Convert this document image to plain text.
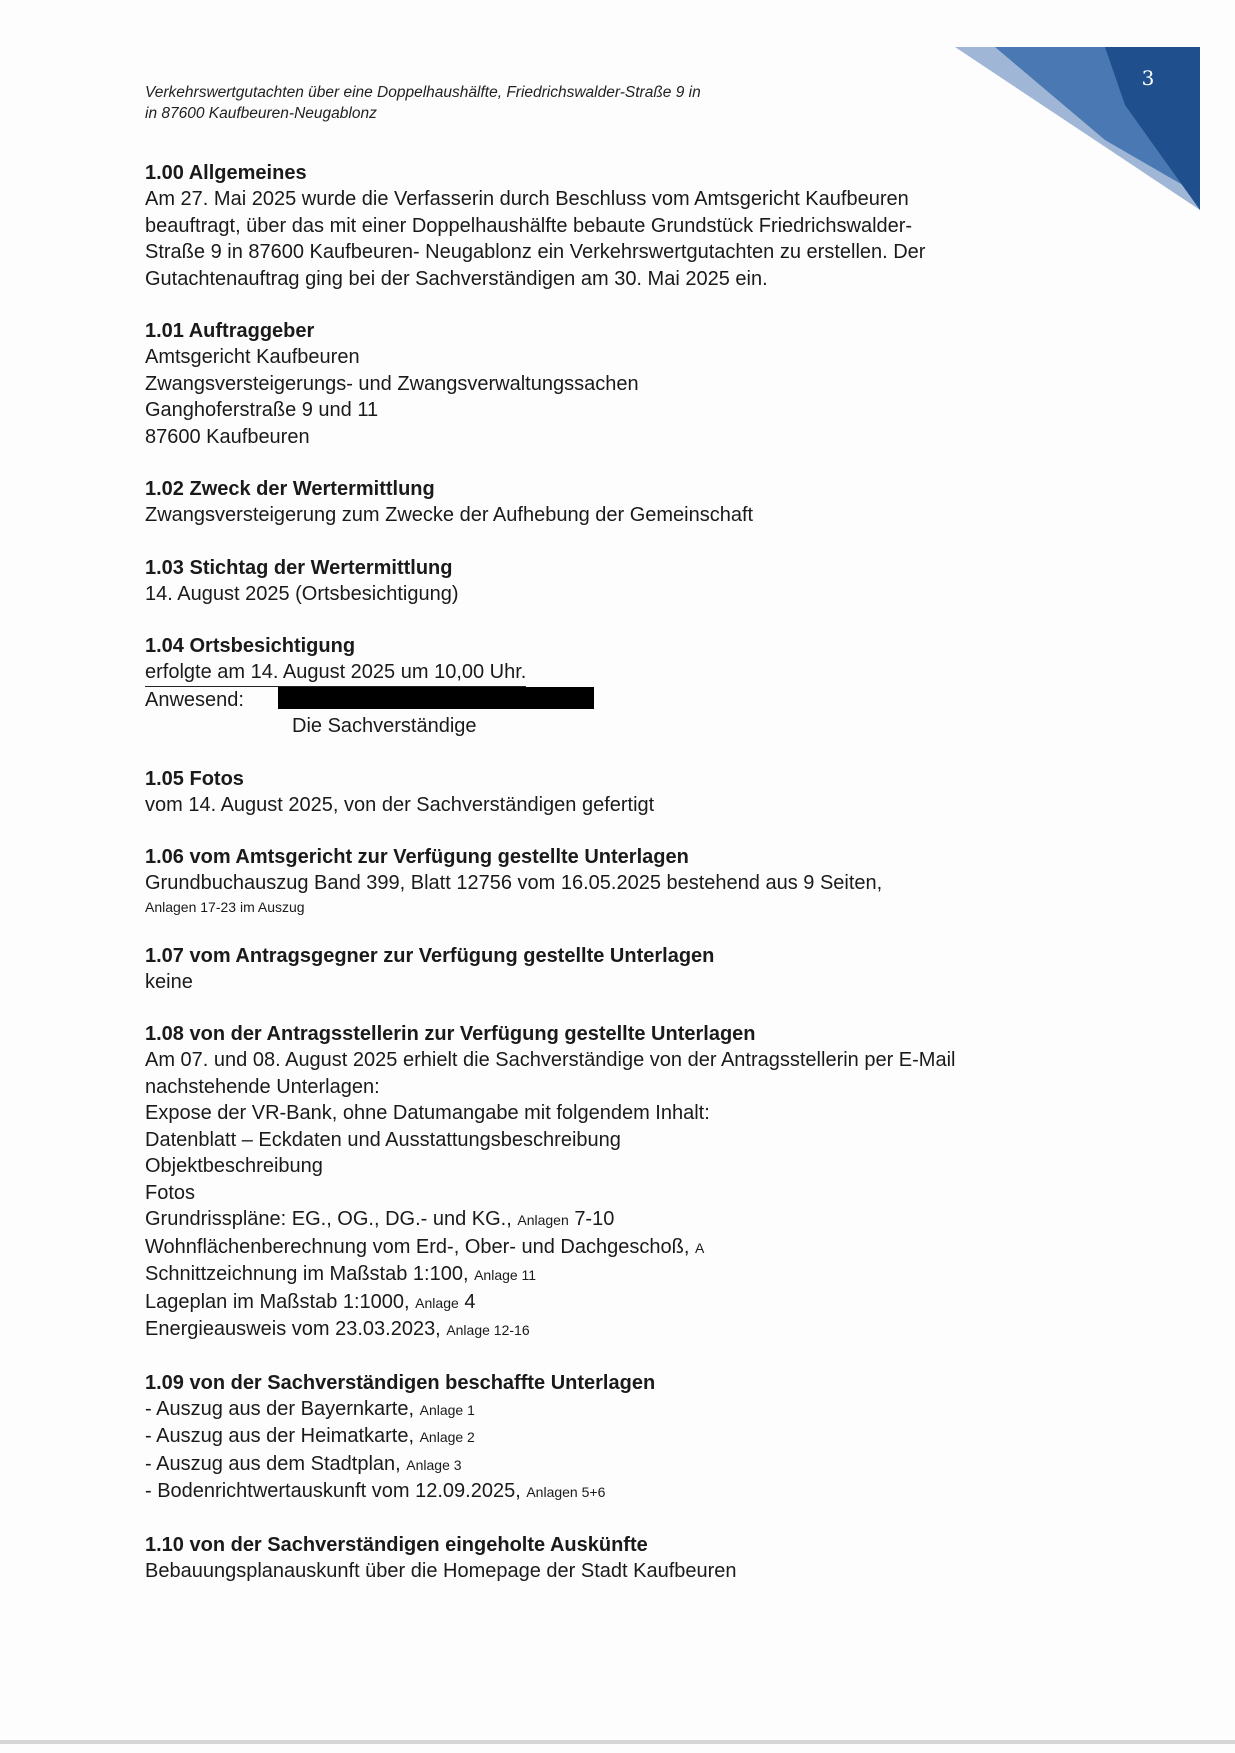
Verkehrswertgutachten über eine Doppelhaushälfte, Friedrichswalder-Straße 9 in
in 87600 Kaufbeuren-Neugablonz
3
1.00 Allgemeines
Am 27. Mai 2025 wurde die Verfasserin durch Beschluss vom Amtsgericht Kaufbeuren
beauftragt, über das mit einer Doppelhaushälfte bebaute Grundstück Friedrichswalder-
Straße 9 in 87600 Kaufbeuren- Neugablonz ein Verkehrswertgutachten zu erstellen. Der
Gutachtenauftrag ging bei der Sachverständigen am 30. Mai 2025 ein.
1.01 Auftraggeber
Amtsgericht Kaufbeuren
Zwangsversteigerungs- und Zwangsverwaltungssachen
Ganghoferstraße 9 und 11
87600 Kaufbeuren
1.02 Zweck der Wertermittlung
Zwangsversteigerung zum Zwecke der Aufhebung der Gemeinschaft
1.03 Stichtag der Wertermittlung
14. August 2025 (Ortsbesichtigung)
1.04 Ortsbesichtigung
erfolgte am 14. August 2025 um 10,00 Uhr.
Anwesend:
Die Sachverständige
1.05 Fotos
vom 14. August 2025, von der Sachverständigen gefertigt
1.06 vom Amtsgericht zur Verfügung gestellte Unterlagen
Grundbuchauszug Band 399, Blatt 12756 vom 16.05.2025 bestehend aus 9 Seiten,
Anlagen 17-23 im Auszug
1.07 vom Antragsgegner zur Verfügung gestellte Unterlagen
keine
1.08 von der Antragsstellerin zur Verfügung gestellte Unterlagen
Am 07. und 08. August 2025 erhielt die Sachverständige von der Antragsstellerin per E-Mail
nachstehende Unterlagen:
Expose der VR-Bank, ohne Datumangabe mit folgendem Inhalt:
Datenblatt – Eckdaten und Ausstattungsbeschreibung
Objektbeschreibung
Fotos
Grundrisspläne: EG., OG., DG.- und KG., Anlagen 7-10
Wohnflächenberechnung vom Erd-, Ober- und Dachgeschoß, A
Schnittzeichnung im Maßstab 1:100, Anlage 11
Lageplan im Maßstab 1:1000, Anlage 4
Energieausweis vom 23.03.2023, Anlage 12-16
1.09 von der Sachverständigen beschaffte Unterlagen
- Auszug aus der Bayernkarte, Anlage 1
- Auszug aus der Heimatkarte, Anlage 2
- Auszug aus dem Stadtplan, Anlage 3
- Bodenrichtwertauskunft vom 12.09.2025, Anlagen 5+6
1.10 von der Sachverständigen eingeholte Auskünfte
Bebauungsplanauskunft über die Homepage der Stadt Kaufbeuren
